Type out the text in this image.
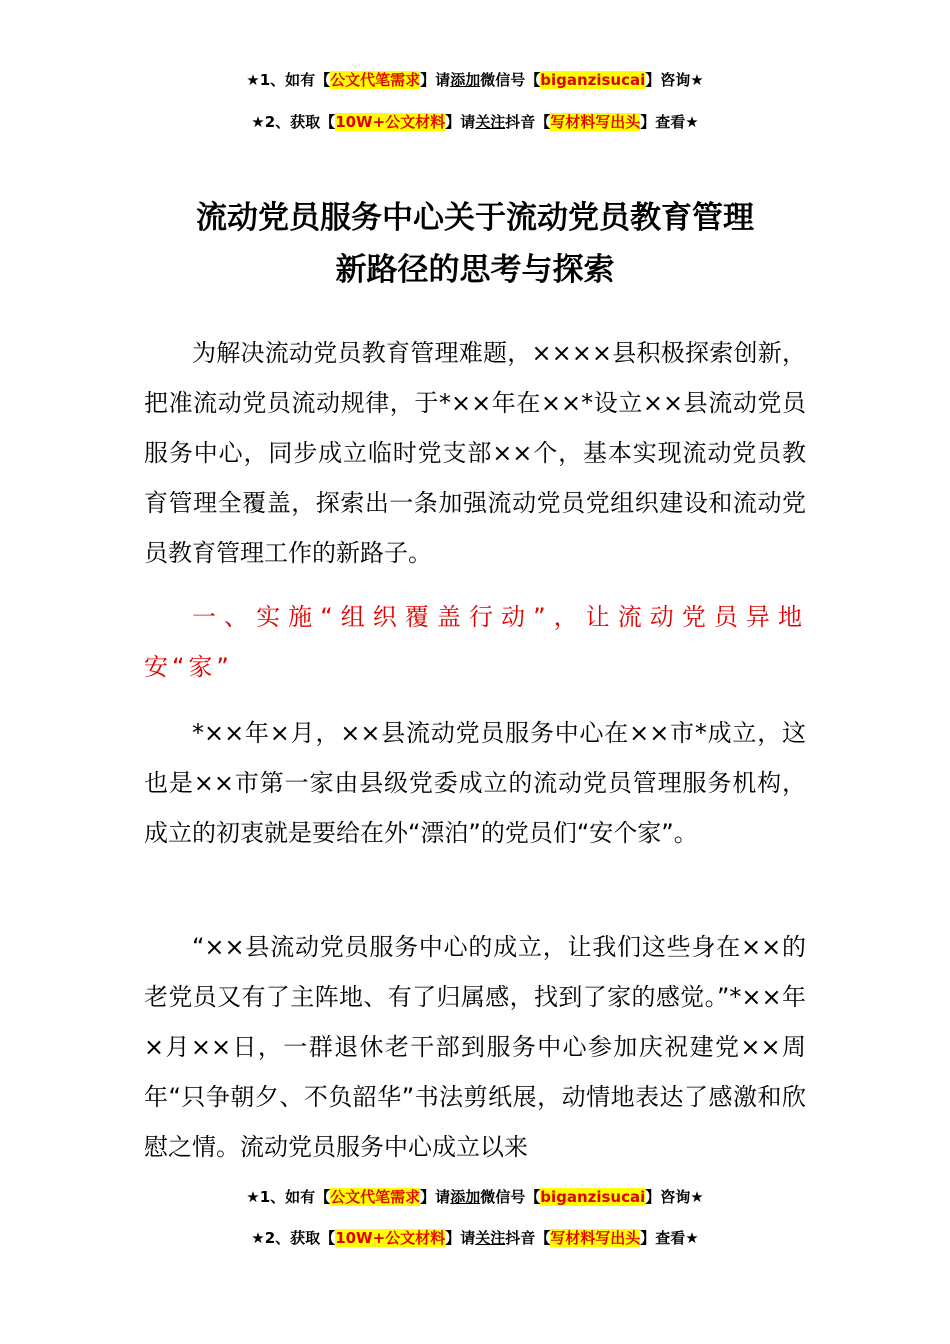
★1、如有【公文代笔需求】请添加微信号【biganzisucai】咨询★
★2、获取【10W+公文材料】请关注抖音【写材料写出头】查看★
流动党员服务中心关于流动党员教育管理
新路径的思考与探索

为解决流动党员教育管理难题，××××县积极探索创新，把准流动党员流动规律，于*××年在××*设立××县流动党员服务中心，同步成立临时党支部××个，基本实现流动党员教育管理全覆盖，探索出一条加强流动党员党组织建设和流动党员教育管理工作的新路子。

一、实施“组织覆盖行动”，让流动党员异地安“家”

*××年×月，××县流动党员服务中心在××市*成立，这也是××市第一家由县级党委成立的流动党员管理服务机构，成立的初衷就是要给在外“漂泊”的党员们“安个家”。

“××县流动党员服务中心的成立，让我们这些身在××的老党员又有了主阵地、有了归属感，找到了家的感觉。”*××年×月××日，一群退休老干部到服务中心参加庆祝建党××周年“只争朝夕、不负韶华”书法剪纸展，动情地表达了感激和欣慰之情。流动党员服务中心成立以来

★1、如有【公文代笔需求】请添加微信号【biganzisucai】咨询★
★2、获取【10W+公文材料】请关注抖音【写材料写出头】查看★
